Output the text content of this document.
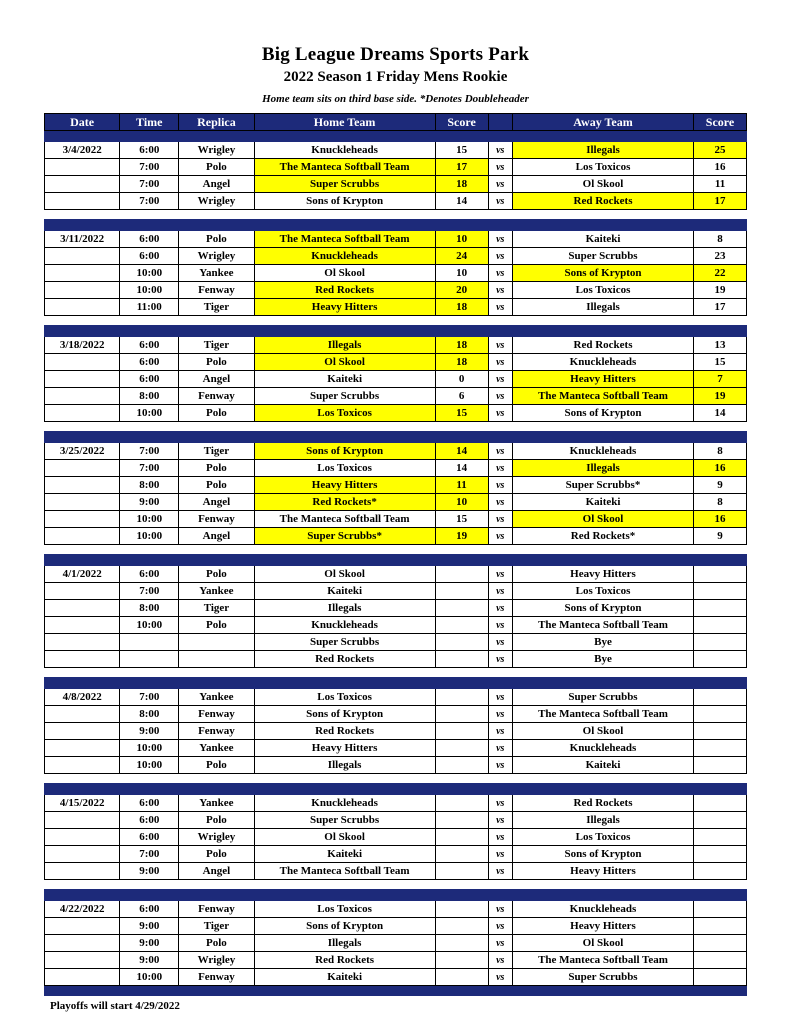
Big League Dreams Sports Park
2022 Season 1 Friday Mens Rookie
Home team sits on third base side. *Denotes Doubleheader
Date	Time	Replica	Home Team	Score		Away Team	Score

3/4/2022	6:00	Wrigley	Knuckleheads	15	vs	Illegals	25
	7:00	Polo	The Manteca Softball Team	17	vs	Los Toxicos	16
	7:00	Angel	Super Scrubbs	18	vs	Ol Skool	11
	7:00	Wrigley	Sons of Krypton	14	vs	Red Rockets	17

3/11/2022	6:00	Polo	The Manteca Softball Team	10	vs	Kaiteki	8
	6:00	Wrigley	Knuckleheads	24	vs	Super Scrubbs	23
	10:00	Yankee	Ol Skool	10	vs	Sons of Krypton	22
	10:00	Fenway	Red Rockets	20	vs	Los Toxicos	19
	11:00	Tiger	Heavy Hitters	18	vs	Illegals	17

3/18/2022	6:00	Tiger	Illegals	18	vs	Red Rockets	13
	6:00	Polo	Ol Skool	18	vs	Knuckleheads	15
	6:00	Angel	Kaiteki	0	vs	Heavy Hitters	7
	8:00	Fenway	Super Scrubbs	6	vs	The Manteca Softball Team	19
	10:00	Polo	Los Toxicos	15	vs	Sons of Krypton	14

3/25/2022	7:00	Tiger	Sons of Krypton	14	vs	Knuckleheads	8
	7:00	Polo	Los Toxicos	14	vs	Illegals	16
	8:00	Polo	Heavy Hitters	11	vs	Super Scrubbs*	9
	9:00	Angel	Red Rockets*	10	vs	Kaiteki	8
	10:00	Fenway	The Manteca Softball Team	15	vs	Ol Skool	16
	10:00	Angel	Super Scrubbs*	19	vs	Red Rockets*	9

4/1/2022	6:00	Polo	Ol Skool		vs	Heavy Hitters	
	7:00	Yankee	Kaiteki		vs	Los Toxicos	
	8:00	Tiger	Illegals		vs	Sons of Krypton	
	10:00	Polo	Knuckleheads		vs	The Manteca Softball Team	
			Super Scrubbs		vs	Bye	
			Red Rockets		vs	Bye	

4/8/2022	7:00	Yankee	Los Toxicos		vs	Super Scrubbs	
	8:00	Fenway	Sons of Krypton		vs	The Manteca Softball Team	
	9:00	Fenway	Red Rockets		vs	Ol Skool	
	10:00	Yankee	Heavy Hitters		vs	Knuckleheads	
	10:00	Polo	Illegals		vs	Kaiteki	

4/15/2022	6:00	Yankee	Knuckleheads		vs	Red Rockets	
	6:00	Polo	Super Scrubbs		vs	Illegals	
	6:00	Wrigley	Ol Skool		vs	Los Toxicos	
	7:00	Polo	Kaiteki		vs	Sons of Krypton	
	9:00	Angel	The Manteca Softball Team		vs	Heavy Hitters	

4/22/2022	6:00	Fenway	Los Toxicos		vs	Knuckleheads	
	9:00	Tiger	Sons of Krypton		vs	Heavy Hitters	
	9:00	Polo	Illegals		vs	Ol Skool	
	9:00	Wrigley	Red Rockets		vs	The Manteca Softball Team	
	10:00	Fenway	Kaiteki		vs	Super Scrubbs	
Playoffs will start 4/29/2022
